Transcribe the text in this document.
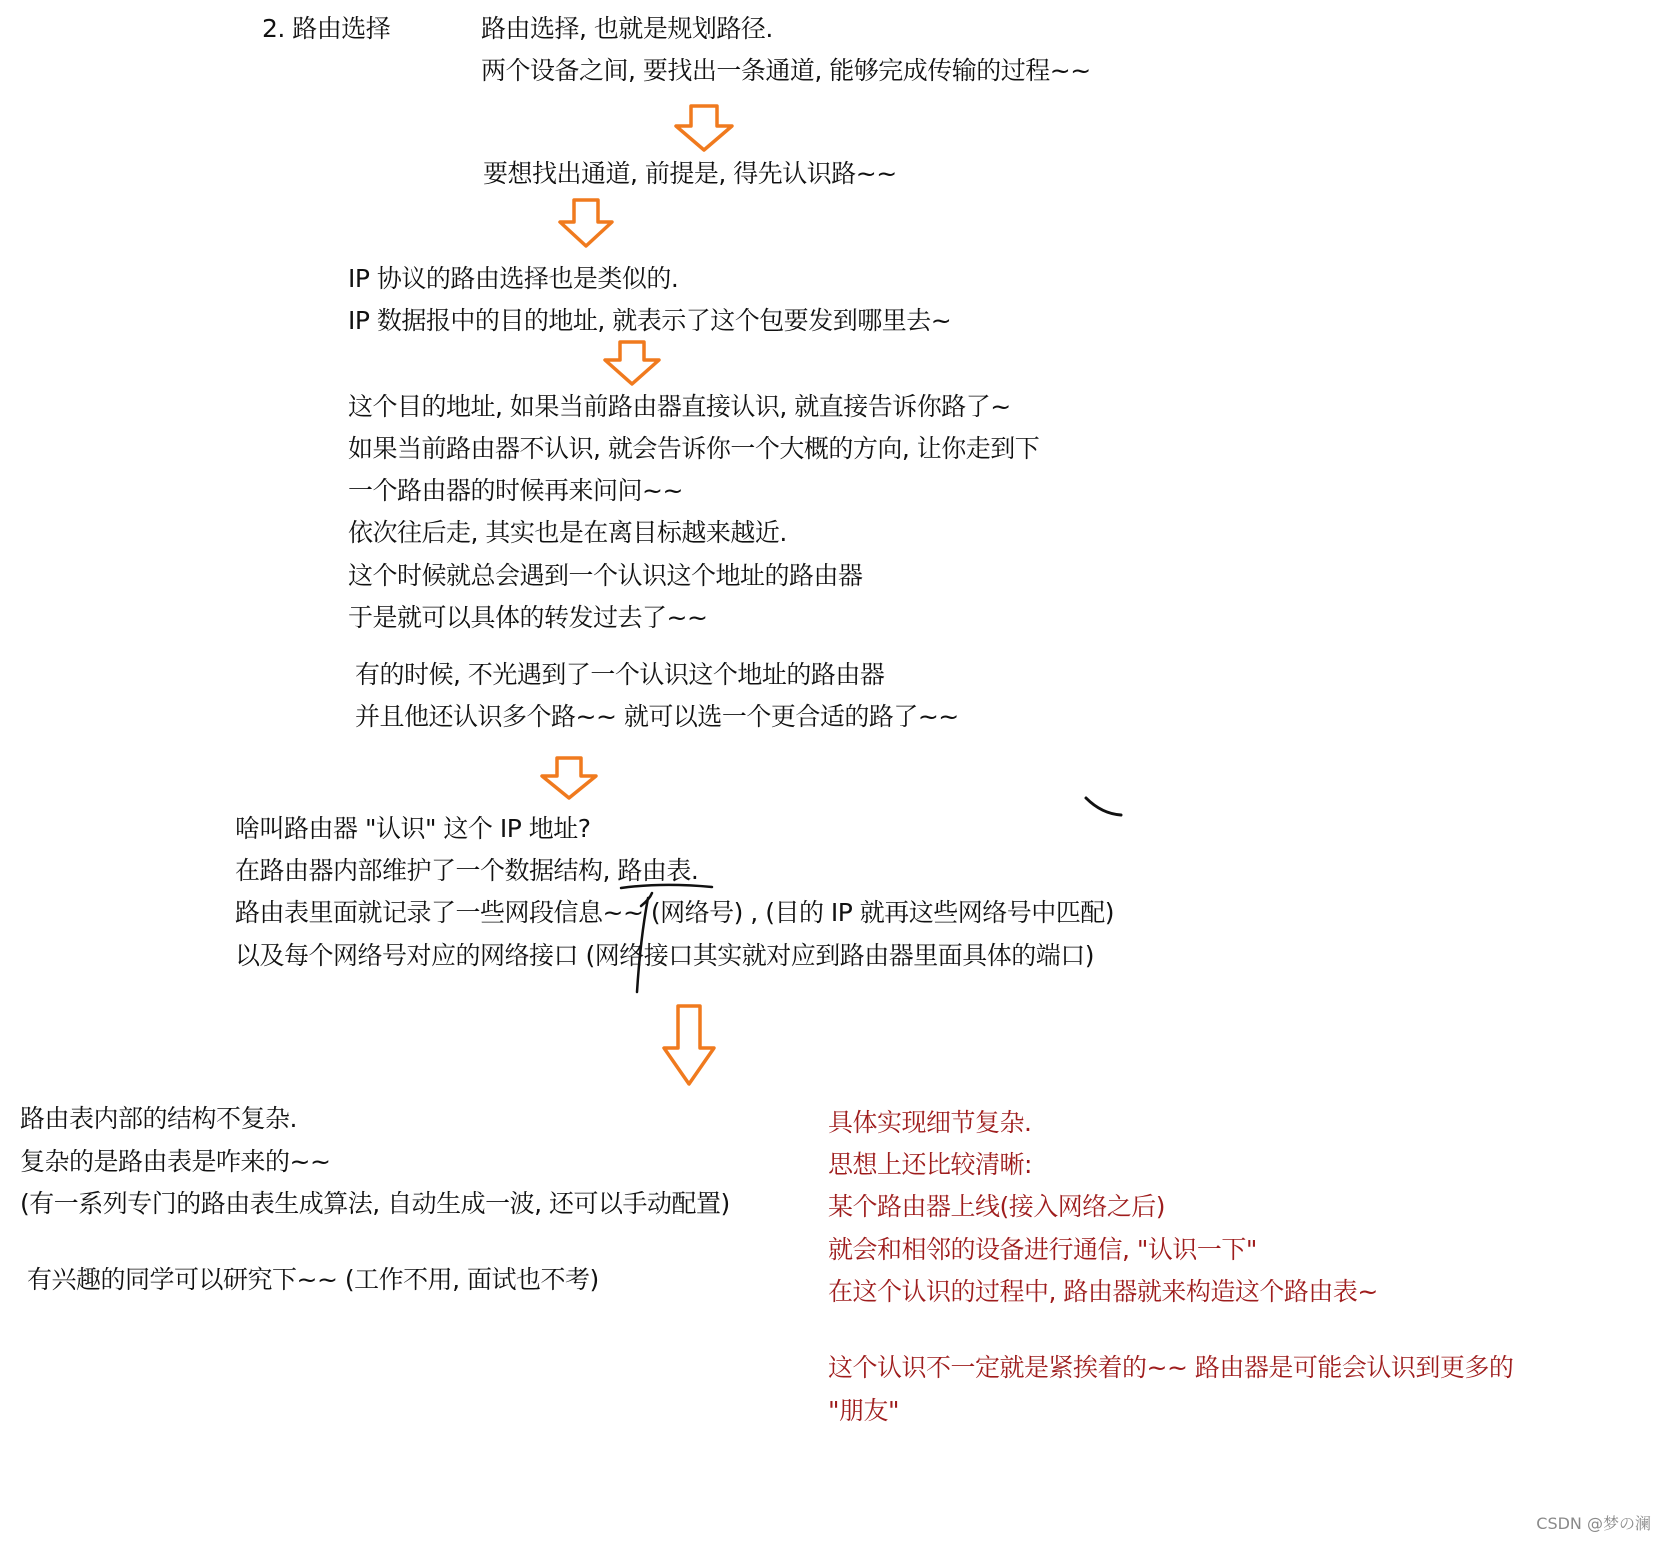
2. 路由选择	路由选择, 也就是规划路径.
两个设备之间, 要找出一条通道, 能够完成传输的过程~~
要想找出通道, 前提是, 得先认识路~~
IP 协议的路由选择也是类似的.
IP 数据报中的目的地址, 就表示了这个包要发到哪里去~
这个目的地址, 如果当前路由器直接认识, 就直接告诉你路了~
如果当前路由器不认识, 就会告诉你一个大概的方向, 让你走到下
一个路由器的时候再来问问~~
依次往后走, 其实也是在离目标越来越近.
这个时候就总会遇到一个认识这个地址的路由器
于是就可以具体的转发过去了~~
有的时候, 不光遇到了一个认识这个地址的路由器
并且他还认识多个路~~ 就可以选一个更合适的路了~~
啥叫路由器 "认识" 这个 IP 地址?
在路由器内部维护了一个数据结构, 路由表.
路由表里面就记录了一些网段信息~~ (网络号) , (目的 IP 就再这些网络号中匹配)
以及每个网络号对应的网络接口 (网络接口其实就对应到路由器里面具体的端口)
路由表内部的结构不复杂.
复杂的是路由表是咋来的~~
(有一系列专门的路由表生成算法, 自动生成一波, 还可以手动配置)
有兴趣的同学可以研究下~~ (工作不用, 面试也不考)
具体实现细节复杂.
思想上还比较清晰:
某个路由器上线(接入网络之后)
就会和相邻的设备进行通信, "认识一下"
在这个认识的过程中, 路由器就来构造这个路由表~
这个认识不一定就是紧挨着的~~ 路由器是可能会认识到更多的
"朋友"
CSDN @梦の澜
